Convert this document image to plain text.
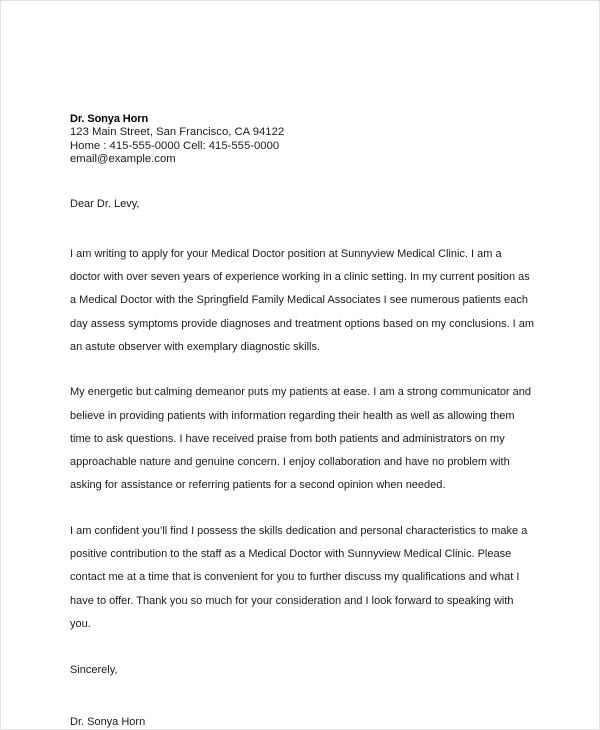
Dr. Sonya Horn
123 Main Street, San Francisco, CA 94122
Home : 415-555-0000 Cell: 415-555-0000
email@example.com
Dear Dr. Levy,
I am writing to apply for your Medical Doctor position at Sunnyview Medical Clinic. I am a doctor with over seven years of experience working in a clinic setting. In my current position as a Medical Doctor with the Springfield Family Medical Associates I see numerous patients each day assess symptoms provide diagnoses and treatment options based on my conclusions. I am an astute observer with exemplary diagnostic skills.
My energetic but calming demeanor puts my patients at ease. I am a strong communicator and believe in providing patients with information regarding their health as well as allowing them time to ask questions. I have received praise from both patients and administrators on my approachable nature and genuine concern. I enjoy collaboration and have no problem with asking for assistance or referring patients for a second opinion when needed.
I am confident you’ll find I possess the skills dedication and personal characteristics to make a positive contribution to the staff as a Medical Doctor with Sunnyview Medical Clinic. Please contact me at a time that is convenient for you to further discuss my qualifications and what I have to offer. Thank you so much for your consideration and I look forward to speaking with you.
Sincerely,
Dr. Sonya Horn
